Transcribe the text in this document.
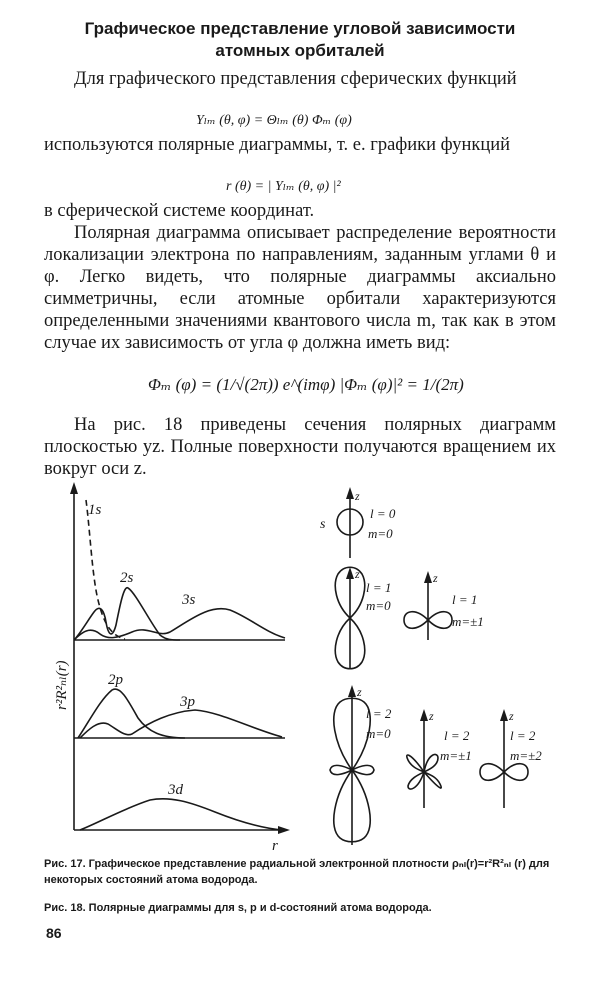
Графическое представление угловой зависимости
атомных орбиталей

Для графического представления сферических функций

Yₗₘ (θ, φ) = Θₗₘ (θ) Φₘ (φ)

используются полярные диаграммы, т. е. графики функций

r (θ) = | Yₗₘ (θ, φ) |²

в сферической системе координат.

Полярная диаграмма описывает распределение вероятности локализации электрона по направлениям, заданным углами θ и φ. Легко видеть, что полярные диаграммы аксиально симметричны, если атомные орбитали характеризуются определенными значениями квантового числа m, так как в этом случае их зависимость от угла φ должна иметь вид:

Φₘ (φ) = (1/√(2π)) e^(imφ) |Φₘ (φ)|² = 1/(2π)

На рис. 18 приведены сечения полярных диаграмм плоскостью yz. Полные поверхности получаются вращением их вокруг оси z.

1s
2s
3s
2p
3p
3d
r
r²R²ₙₗ(r)
s
z
l = 0
m=0
z
l = 1
m=0
z
l = 1
m=±1
z
l = 2
m=0
z
l = 2
m=±1
z
l = 2
m=±2

Рис. 17. Графическое представление радиальной электронной плотности ρₙₗ(r)=r²R²ₙₗ (r) для некоторых состояний атома водорода.

Рис. 18. Полярные диаграммы для s, p и d-состояний атома водорода.

86
